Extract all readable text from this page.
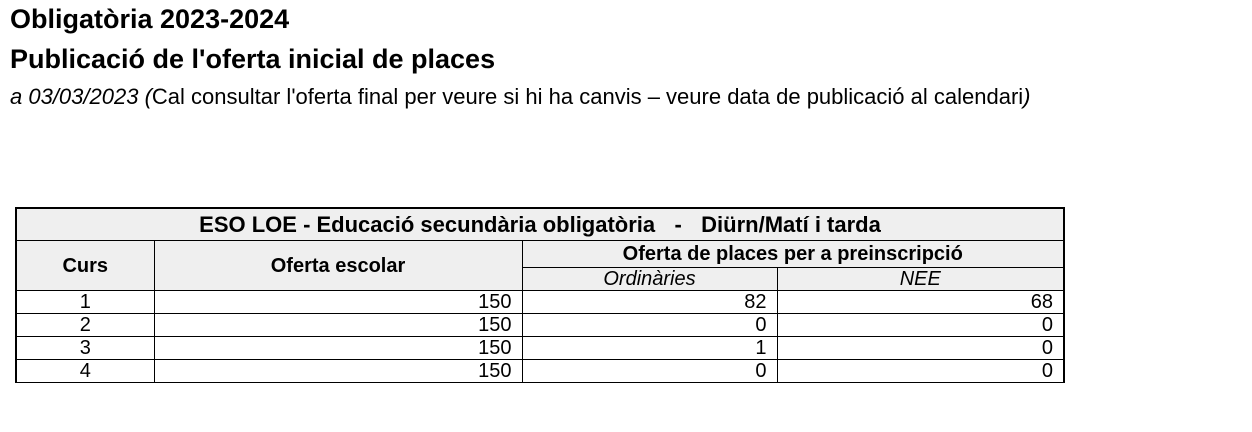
Obligatòria 2023-2024
Publicació de l'oferta inicial de places
a 03/03/2023 (Cal consultar l'oferta final per veure si hi ha canvis – veure data de publicació al calendari)
ESO LOE - Educació secundària obligatòria - Diürn/Matí i tarda			
Curs	Oferta escolar	Oferta de places per a preinscripció	
		Ordinàries	NEE
1	150	82	68
2	150	0	0
3	150	1	0
4	150	0	0
